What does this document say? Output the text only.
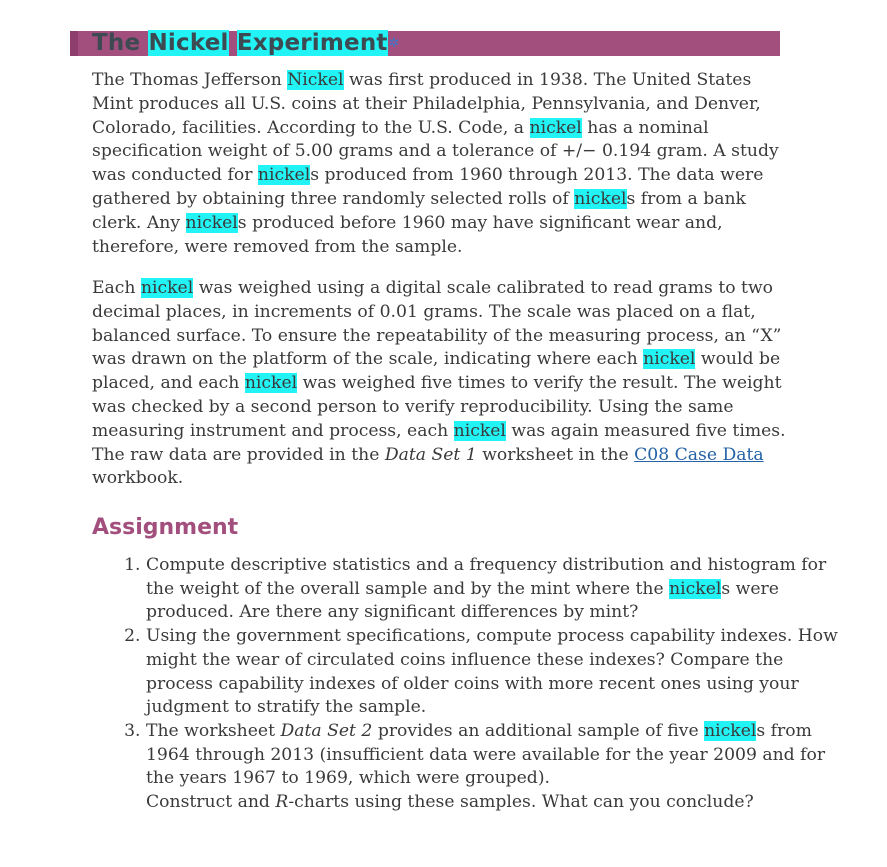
The Nickel Experiment✲

The Thomas Jefferson Nickel was first produced in 1938. The United States Mint produces all U.S. coins at their Philadelphia, Pennsylvania, and Denver, Colorado, facilities. According to the U.S. Code, a nickel has a nominal specification weight of 5.00 grams and a tolerance of +/− 0.194 gram. A study was conducted for nickels produced from 1960 through 2013. The data were gathered by obtaining three randomly selected rolls of nickels from a bank clerk. Any nickels produced before 1960 may have significant wear and, therefore, were removed from the sample.

Each nickel was weighed using a digital scale calibrated to read grams to two decimal places, in increments of 0.01 grams. The scale was placed on a flat, balanced surface. To ensure the repeatability of the measuring process, an “X” was drawn on the platform of the scale, indicating where each nickel would be placed, and each nickel was weighed five times to verify the result. The weight was checked by a second person to verify reproducibility. Using the same measuring instrument and process, each nickel was again measured five times. The raw data are provided in the Data Set 1 worksheet in the C08 Case Data workbook.

Assignment
1. Compute descriptive statistics and a frequency distribution and histogram for the weight of the overall sample and by the mint where the nickels were produced. Are there any significant differences by mint?
2. Using the government specifications, compute process capability indexes. How might the wear of circulated coins influence these indexes? Compare the process capability indexes of older coins with more recent ones using your judgment to stratify the sample.
3. The worksheet Data Set 2 provides an additional sample of five nickels from 1964 through 2013 (insufficient data were available for the year 2009 and for the years 1967 to 1969, which were grouped).
Construct and R-charts using these samples. What can you conclude?
